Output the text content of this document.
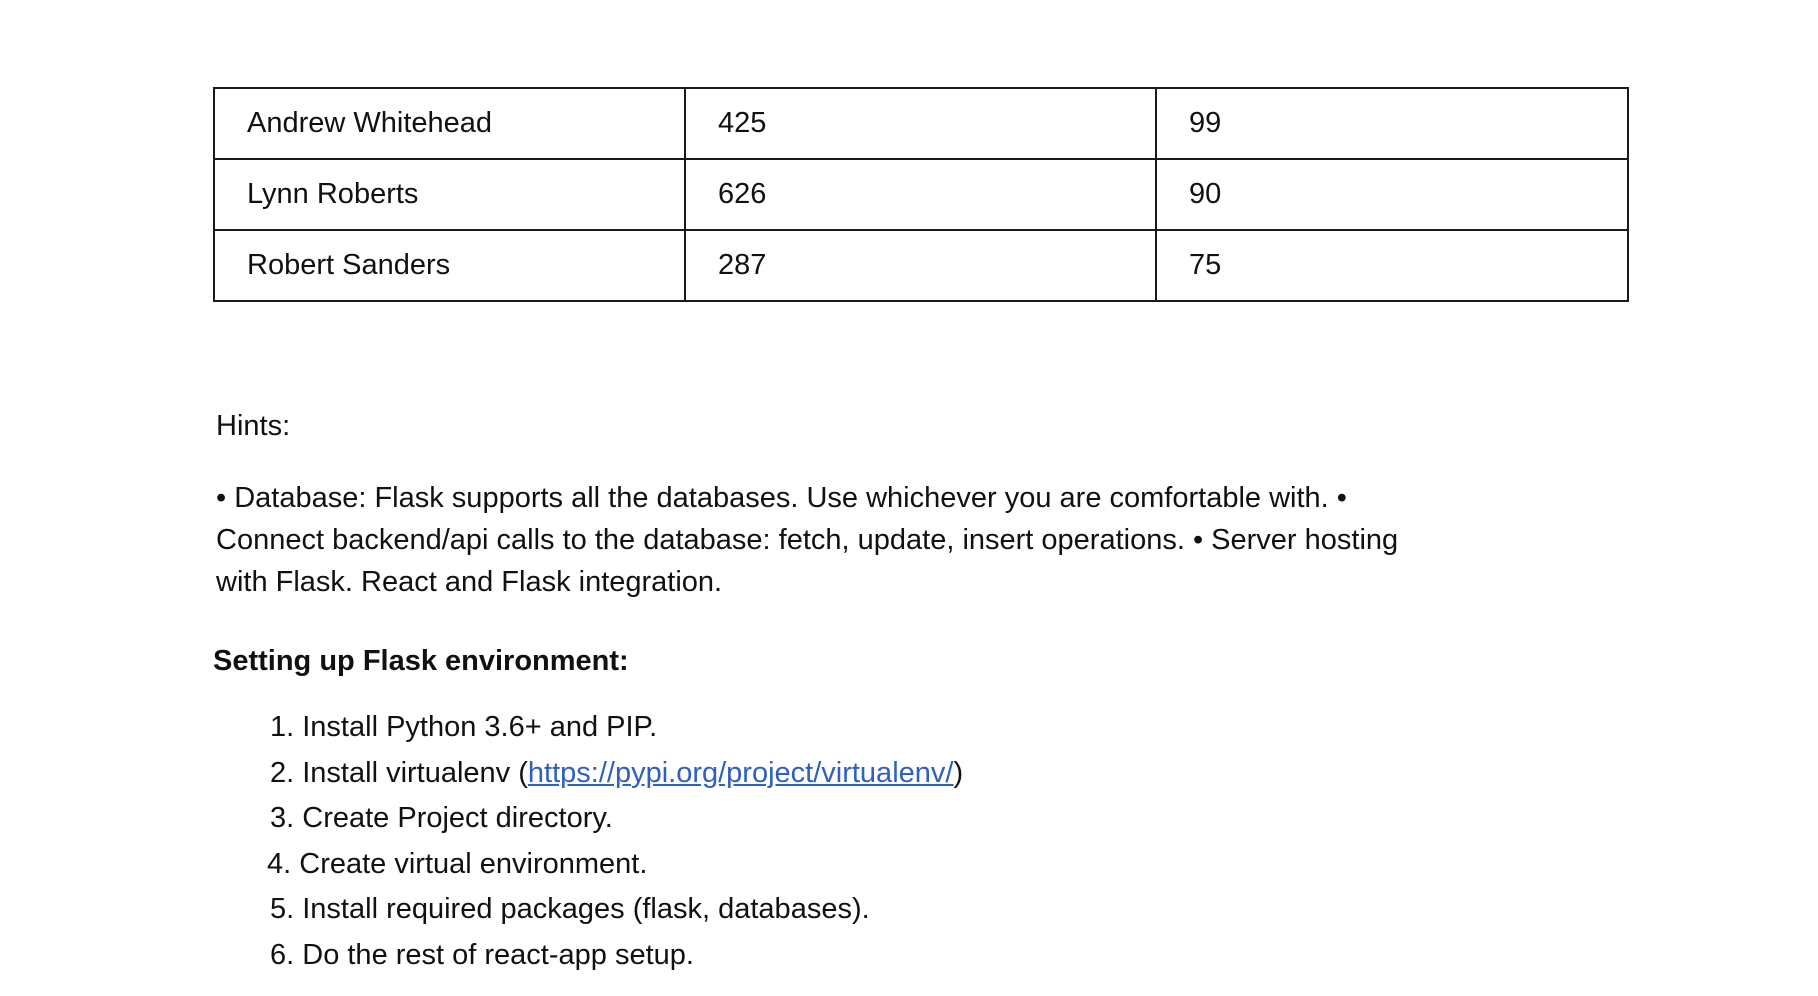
Andrew Whitehead	425	99
Lynn Roberts	626	90
Robert Sanders	287	75

Hints:

• Database: Flask supports all the databases. Use whichever you are comfortable with. • Connect backend/api calls to the database: fetch, update, insert operations. • Server hosting with Flask. React and Flask integration.

Setting up Flask environment:

1. Install Python 3.6+ and PIP.
2. Install virtualenv (https://pypi.org/project/virtualenv/)
3. Create Project directory.
4. Create virtual environment.
5. Install required packages (flask, databases).
6. Do the rest of react-app setup.
